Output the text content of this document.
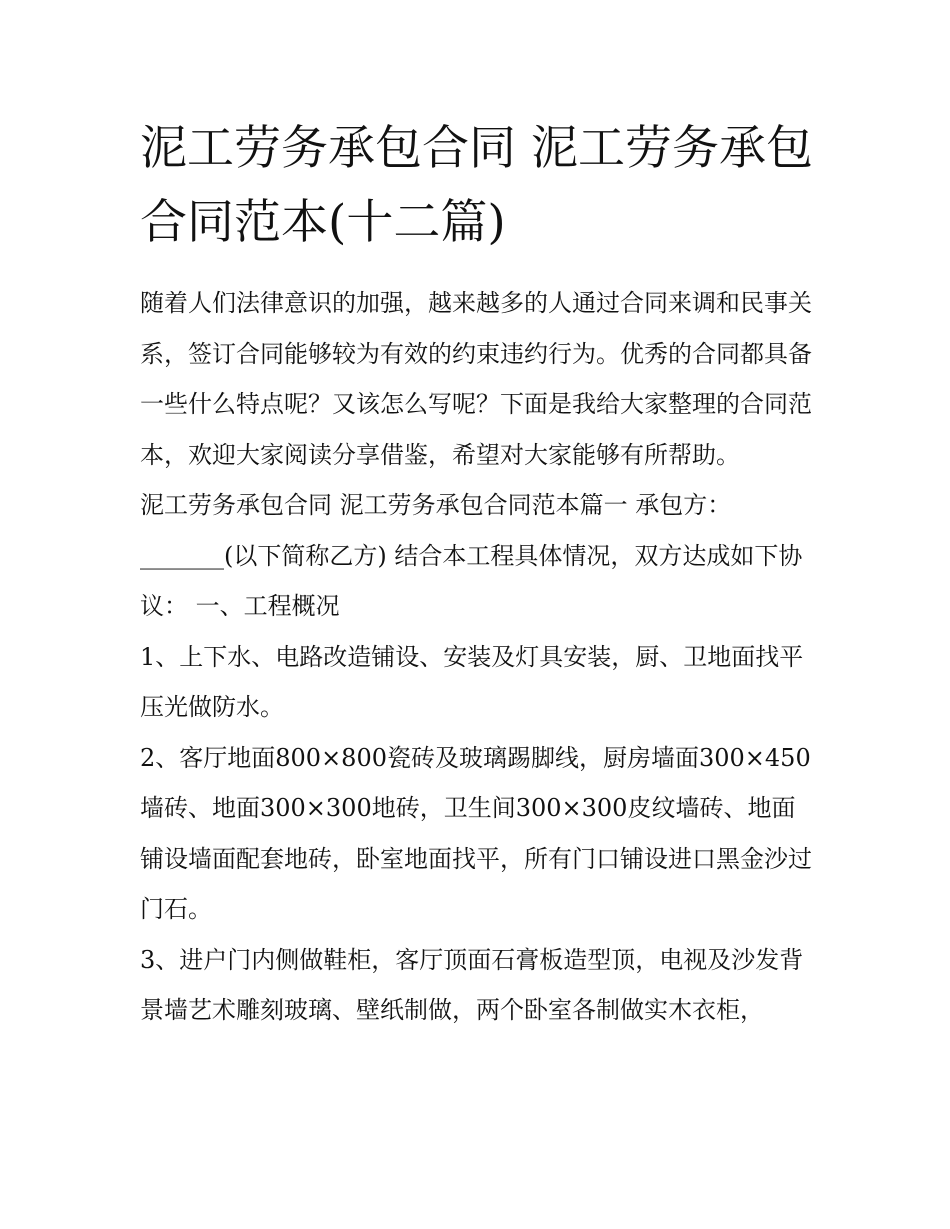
泥工劳务承包合同 泥工劳务承包合同范本(十二篇)

随着人们法律意识的加强，越来越多的人通过合同来调和民事关系，签订合同能够较为有效的约束违约行为。优秀的合同都具备一些什么特点呢？又该怎么写呢？下面是我给大家整理的合同范本，欢迎大家阅读分享借鉴，希望对大家能够有所帮助。

泥工劳务承包合同 泥工劳务承包合同范本篇一 承包方：_______(以下简称乙方) 结合本工程具体情况，双方达成如下协议： 一、工程概况

1、上下水、电路改造铺设、安装及灯具安装，厨、卫地面找平压光做防水。

2、客厅地面800×800瓷砖及玻璃踢脚线，厨房墙面300×450墙砖、地面300×300地砖，卫生间300×300皮纹墙砖、地面铺设墙面配套地砖，卧室地面找平，所有门口铺设进口黑金沙过门石。

3、进户门内侧做鞋柜，客厅顶面石膏板造型顶，电视及沙发背景墙艺术雕刻玻璃、壁纸制做，两个卧室各制做实木衣柜，
